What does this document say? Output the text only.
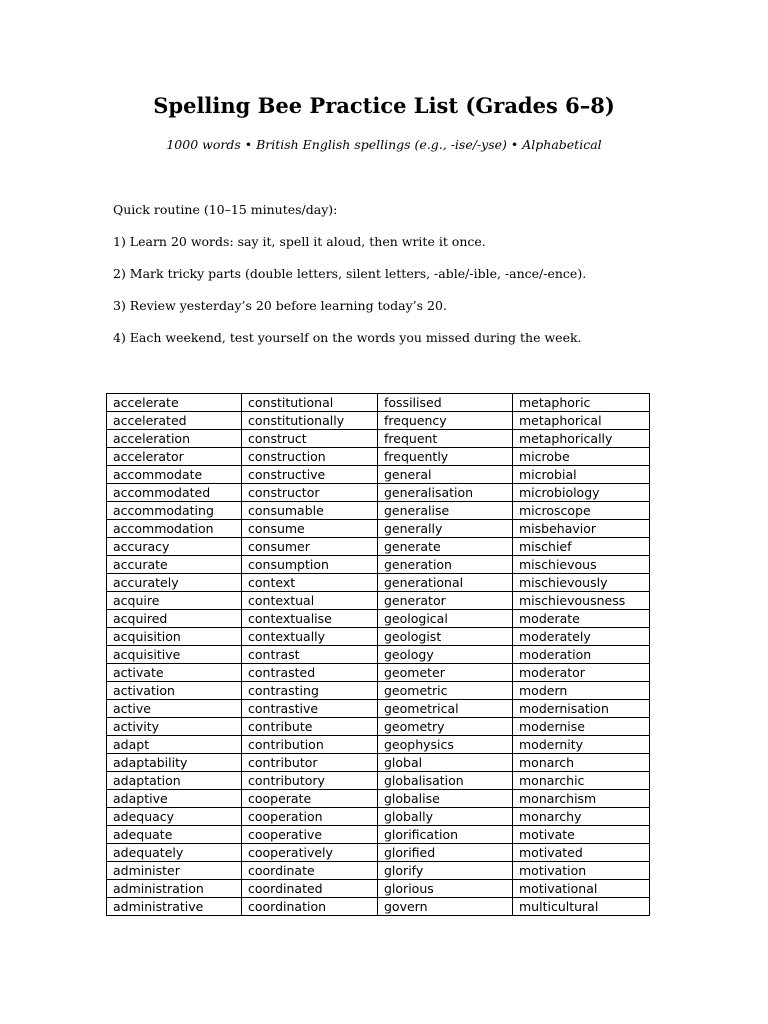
Spelling Bee Practice List (Grades 6–8)

1000 words • British English spellings (e.g., -ise/-yse) • Alphabetical

Quick routine (10–15 minutes/day):

1) Learn 20 words: say it, spell it aloud, then write it once.

2) Mark tricky parts (double letters, silent letters, -able/-ible, -ance/-ence).

3) Review yesterday’s 20 before learning today’s 20.

4) Each weekend, test yourself on the words you missed during the week.

accelerate	constitutional	fossilised	metaphoric
accelerated	constitutionally	frequency	metaphorical
acceleration	construct	frequent	metaphorically
accelerator	construction	frequently	microbe
accommodate	constructive	general	microbial
accommodated	constructor	generalisation	microbiology
accommodating	consumable	generalise	microscope
accommodation	consume	generally	misbehavior
accuracy	consumer	generate	mischief
accurate	consumption	generation	mischievous
accurately	context	generational	mischievously
acquire	contextual	generator	mischievousness
acquired	contextualise	geological	moderate
acquisition	contextually	geologist	moderately
acquisitive	contrast	geology	moderation
activate	contrasted	geometer	moderator
activation	contrasting	geometric	modern
active	contrastive	geometrical	modernisation
activity	contribute	geometry	modernise
adapt	contribution	geophysics	modernity
adaptability	contributor	global	monarch
adaptation	contributory	globalisation	monarchic
adaptive	cooperate	globalise	monarchism
adequacy	cooperation	globally	monarchy
adequate	cooperative	glorification	motivate
adequately	cooperatively	glorified	motivated
administer	coordinate	glorify	motivation
administration	coordinated	glorious	motivational
administrative	coordination	govern	multicultural
